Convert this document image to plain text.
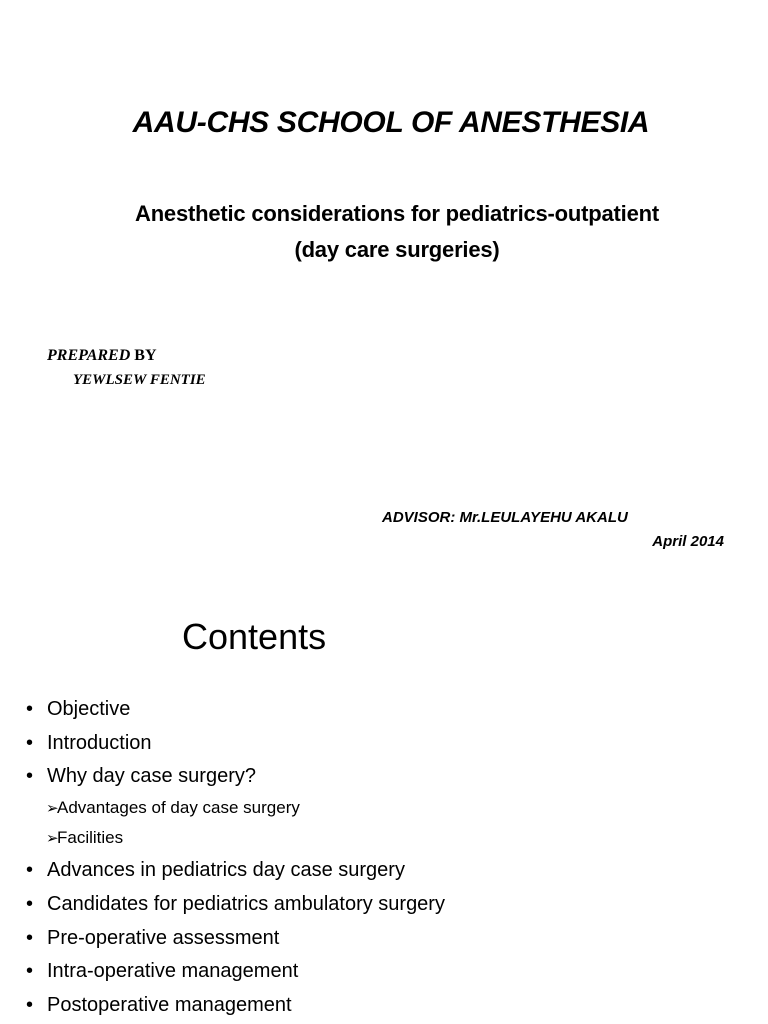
AAU-CHS SCHOOL OF ANESTHESIA
Anesthetic considerations for pediatrics-outpatient
(day care surgeries)
PREPARED BY
YEWLSEW FENTIE
ADVISOR: Mr.LEULAYEHU AKALU
April 2014
Contents
• Objective
• Introduction
• Why day case surgery?
➢Advantages of day case surgery
➢Facilities
• Advances in pediatrics day case surgery
• Candidates for pediatrics ambulatory surgery
• Pre-operative assessment
• Intra-operative management
• Postoperative management
